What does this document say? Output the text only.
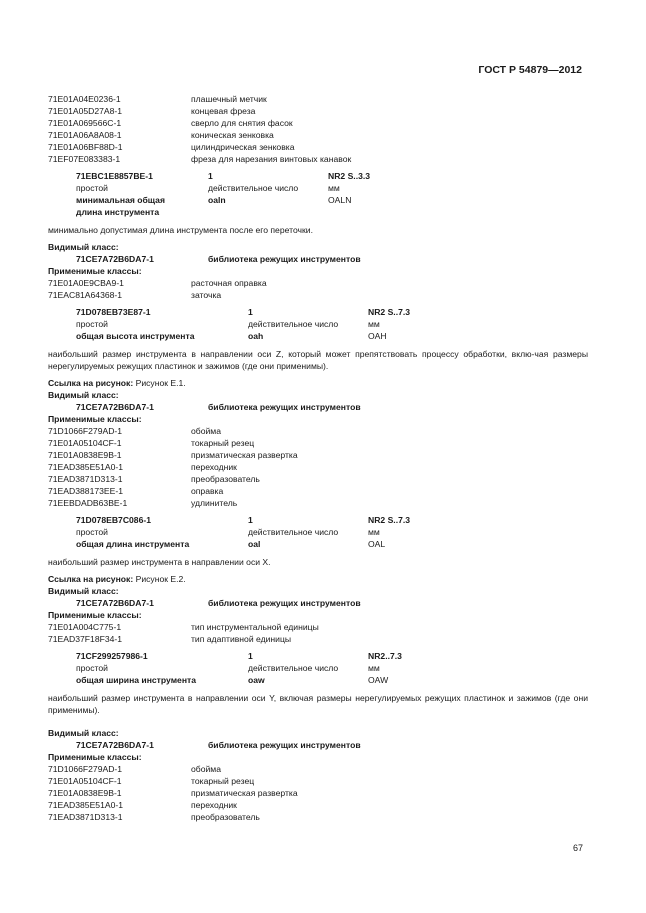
ГОСТ Р 54879—2012
71E01A04E0236-1	плашечный метчик
71E01A05D27A8-1	концевая фреза
71E01A069566C-1	сверло для снятия фасок
71E01A06A8A08-1	коническая зенковка
71E01A06BF88D-1	цилиндрическая зенковка
71EF07E083383-1	фреза для нарезания винтовых канавок
71EBC1E8857BE-1	1	NR2 S..3.3
простой	действительное число	мм
минимальная общая	oaln	OALN
длина инструмента
минимально допустимая длина инструмента после его переточки.
Видимый класс:
71CE7A72B6DA7-1	библиотека режущих инструментов
Применимые классы:
71E01A0E9CBA9-1	расточная оправка
71EAC81A64368-1	заточка
71D078EB73E87-1	1	NR2 S..7.3
простой	действительное число	мм
общая высота инструмента	oah	OAH
наибольший размер инструмента в направлении оси Z, который может препятствовать процессу обработки, вклю-чая размеры нерегулируемых режущих пластинок и зажимов (где они применимы).
Ссылка на рисунок: Рисунок Е.1.
Видимый класс:
71CE7A72B6DA7-1	библиотека режущих инструментов
Применимые классы:
71D1066F279AD-1	обойма
71E01A05104CF-1	токарный резец
71E01A0838E9B-1	призматическая развертка
71EAD385E51A0-1	переходник
71EAD3871D313-1	преобразователь
71EAD388173EE-1	оправка
71EEBDADB63BE-1	удлинитель
71D078EB7C086-1	1	NR2 S..7.3
простой	действительное число	мм
общая длина инструмента	oal	OAL
наибольший размер инструмента в направлении оси X.
Ссылка на рисунок: Рисунок Е.2.
Видимый класс:
71CE7A72B6DA7-1	библиотека режущих инструментов
Применимые классы:
71E01A004C775-1	тип инструментальной единицы
71EAD37F18F34-1	тип адаптивной единицы
71CF299257986-1	1	NR2..7.3
простой	действительное число	мм
общая ширина инструмента	oaw	OAW
наибольший размер инструмента в направлении оси Y, включая размеры нерегулируемых режущих пластинок и зажимов (где они применимы).
Видимый класс:
71CE7A72B6DA7-1	библиотека режущих инструментов
Применимые классы:
71D1066F279AD-1	обойма
71E01A05104CF-1	токарный резец
71E01A0838E9B-1	призматическая развертка
71EAD385E51A0-1	переходник
71EAD3871D313-1	преобразователь
67
